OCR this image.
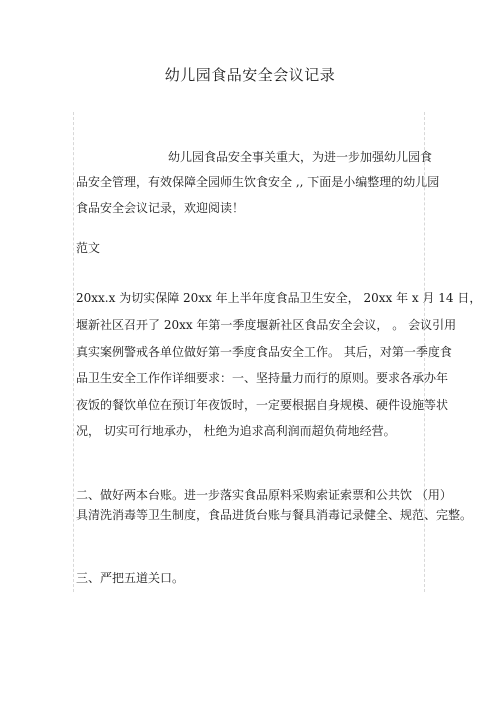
幼儿园食品安全会议记录
幼儿园食品安全事关重大，为进一步加强幼儿园食
品安全管理，有效保障全园师生饮食安全 ,, 下面是小编整理的幼儿园
食品安全会议记录，欢迎阅读！
范文
20xx.x 为切实保障 20xx 年上半年度食品卫生安全， 20xx 年 x 月 14 日，
堰新社区召开了 20xx 年第一季度堰新社区食品安全会议， 。 会议引用
真实案例警戒各单位做好第一季度食品安全工作。 其后，对第一季度食
品卫生安全工作作详细要求：一、坚持量力而行的原则。要求各承办年
夜饭的餐饮单位在预订年夜饭时，一定要根据自身规模、硬件设施等状
况， 切实可行地承办， 杜绝为追求高利润而超负荷地经营。
二、做好两本台账。进一步落实食品原料采购索证索票和公共饮 （用）
具清洗消毒等卫生制度，食品进货台账与餐具消毒记录健全、规范、完整。
三、严把五道关口。
